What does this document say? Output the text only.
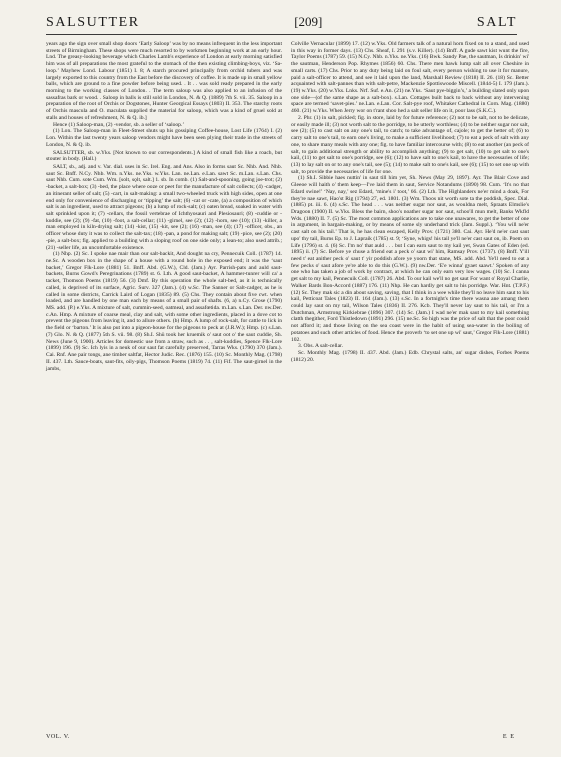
SALSUTTER	[209]	SALT

years ago the sign over small shop doors ‘Early Saloop’ was by no means infrequent in the less important streets of Birmingham. These shops were much resorted to by workmen beginning work at an early hour. Lnd. The greasy-looking beverage which Charles Lamb's experience of London at early morning satisfied him was of all preparations the most grateful to the stomach of the then existing climbing-boys, viz. ‘Sa-loop.’ Mayhew Lond. Labour (1851) I. 8; A starch procured principally from orchid tubers and was largely exported to this country from the East before the discovery of coffee. It is made up in small yellow balls, which are ground to a fine powder before being used. . It . . was sold ready prepared in the early morning to the working classes of London. . The term saloup was also applied to an infusion of the sassafras bark or wood. . Saloop in balls is still sold in London, N. & Q. (1889) 7th S. vii. 35. Saloop in a preparation of the root of Orchis or Dogstones, Hunter Georgical Essays (1803) II. 353. The starchy roots of Orchis mascula and O. maculata supplied the material for saloop, which was a kind of gruel sold at stalls and houses of refreshment, N. & Q. ib.]

Hence (1) Saloop-man, (2) -vendor, sb. a seller of ‘saloop.’

(1) Lon. The Saloop-man in Fleet-Street shuts up his gossiping Coffee-house, Lost Life (1764) I. (2) Lon. Within the last twenty years saloop vendors might have been seen plying their trade in the streets of London, N. & Q. ib.

SALSUTTER, sb. w.Yks. [Not known to our correspondents.] A kind of small fish like a roach, but stouter in body. (Hall.)

SALT, sb., adj. and v. Var. dial. uses in Sc. Irel. Eng. and Ans. Also in forms saut Sc. Nhb. And. Nhb. saut Sc. Bnff. N.Cy. Nhb. Wm. n.Yks. ne.Yks. w.Yks. Lan. ne.Lan. e.Lan. sawt Sc. m.Lan. s.Lan. Chs. saut Nhb. Cum. sote Cum. Wm. [solt, sǫlt, salt.] 1. sb. In comb. (1) Salt-and-spooning, going joe-trot; (2) -backet, a salt-box; (3) -bed, the place where ooze or peet for the manufacture of salt collects; (4) -cadger, an itinerant seller of salt; (5) -cart, in salt-making: a small two-wheeled truck with high sides, open at one end only for convenience of discharging or ‘tipping’ the salt; (6) -cat or -cate, (a) a composition of which salt is an ingredient, used to attract pigeons; (b) a lump of rock-salt; (c) oaten bread, soaked in water with salt sprinkled upon it; (7) -cellars, the fossil vertebrae of Ichthyosauri and Plesiosauri; (8) -cuddie or -kuddie, see (2); (9) -fat, (10) -foot, a salt-cellar; (11) -girnel, see (2); (12) -horn, see (10); (13) -killer, a man employed in kiln-drying salt; (14) -kist, (15) -kit, see (2); (16) -man, see (4); (17) -officer, obs., an officer whose duty it was to collect the salt-tax; (18) -pan, a pond for making salt; (19) -pice, see (2); (20) -pie, a salt-box; fig. applied to a building with a sloping roof on one side only; a lean-to; also used attrib.; (21) -seller life, an uncomfortable existence.

(1) Nhp. (2) Sc. I spoke nae mair than our salt-backit, And dought na cry, Pennecuik Coll. (1787) 14. ne.Sc. A wooden box in the shape of a house with a round hole in the exposed end; it was the ‘saut backet,’ Gregor Flk-Lore (1881) 51. Bnff. Abd. (G.W.), Cld. (Jam.) Ayr. Parrish-pats and auld saut-backets, Burns Gowd's Peregrinations (1789) st. 6. Lth. A good saut-backet, A hammer-tunrer will ca' a tacket, Thomson Poems (1819) 56. (3) Dmf. By this operation the whole salt-bed, as it is technically called, is deprived of its surface, Agric. Surv. 327 (Jam.). (4) w.Sc. The Sanner or Salt-cadger, as he is called in some districts, Carrick Laird of Logan (1835) 89. (5) Chs. They contain about five cwt. when loaded, and are handled by one man each by means of a small pair of shafts. (6, a) n.Cy. Grose (1790) MS. add. (P.) e.Yks. A mixture of salt, cummin-seed, oatmeal, and assafœtida. m.Lan. s.Lan. Der. nw.Der. c.An. Hmp. A mixture of coarse meal, clay and salt, with some other ingredients, placed in a dove cot to prevent the pigeons from leaving it, and to allure others. (b) Hmp. A lump of rock-salt, for cattle to lick in the field or ‘barton.’ It is also put into a pigeon-house for the pigeons to peck at (J.R.W.); Hmp. (c) s.Lan. (7) Glo. N. & Q. (1877) 5th S. vii. 98. (8) Sh.I. Shü took her kruemik o' saut oot o' the saut cuddie, Sh. News (June 9, 1900). Articles for domestic use from a straw, such as . . , salt-kuddies, Spence Flk-Lore (1899) 196. (9) Sc. Ich lyis in a neuk of our saut fat carefully preserved, Tarras Wks. (1790) 370 (Jam.). Cai. Rnf. Ane pair tongs, ane timber saltfat, Hector Judic. Rec. (1876) 155. (10) Sc. Monthly Mag. (1798) II. 437. Lth. Sauce-boats, saut-fits, oily-pigs, Thomson Poems (1819) 74. (11) Fif. The saut-girnel in the jambs,

Colville Vernacular (1899) 17. (12) w.Yks. Old farmers talk of a natural horn fixed on to a stand, and used in this way in former days. (13) Chs. Sheaf, I. 291 (s.v. Killer). (14) Bnff. A gude sawt kist wunt the fire, Taylor Poems (1787) 59. (15) N.Cy. Nhb. n.Yks. ne.Yks. (16) Bwk. Sandy Pae, the sautman, Is drinkin' wi' the sautman, Henderson Pop. Rhymes (1856) 60. Chs. There men hawk lump salt all over Cheshire in small carts. (17) Chs. Prior to any duty being laid on foul salt, every person wishing to use it for manure, paid a salt-officer to attend, and see it laid upon the land, Marshall Review (1818) II. 26. (18) Sc. Better acquainted with salt-pannes than with salt-petre, Mackenzie Spottiswoode Miscell. (1844-5) I. 179 (Jam.). (19) w.Yks. (20) w.Yks. Lnks. Nrf. Suf. e.An. (21) ne.Yks. ‘Saut pye-biggin’s,’ a building slated only upon one side—(of the same shape as a salt-box). s.Lan. Cottages built back to back without any intervening space are termed ‘savet-pies.’ ne.Lan. e.Lan. Cor. Salt-pye roof, Whitaker Cathedral in Corn. Mag. (1880) 460. (21) w.Yks. When Jerry wor on t'rant shoo hed a salt seller life on it, poor lass (S.K.C.).

2. Phr. (1) in salt, pickled; fig. in store, laid by for future reference; (2) not to be salt, not to be delicate, or easily made ill; (3) not worth salt to the porridge, to be utterly worthless; (4) to be neither sugar nor salt, see (2); (5) to cast salt on any one's tail, to catch; to take advantage of, cajole; to get the better of; (6) to carry salt to one's tail, to earn one's living, to make a sufficient livelihood; (7) to eat a peck of salt with any one, to share many meals with any one; fig. to have familiar intercourse with; (8) to eat another (an peck of salt, to gain additional strength or ability to accomplish anything; (9) to get salt, (10) to get salt to one's kail, (11) to get salt to one's porridge, see (6); (12) to have salt to one's kail, to have the necessaries of life; (13) to lay salt on or to any one's tail, see (5); (14) to make salt to one's kail, see (6); (15) to set one up with salt, to provide the necessaries of life for one.

(1) Sh.I. Sibbie haes nuttin' in saut till him yet, Sh. News (May 29, 1897). Ayr. The Blair Cove and Gleeoe will haith o' them keep—I've laid them in saut, Service Notandums (1890) 98. Cum. ‘It's no that Edard swine!’ ‘Nay, nay,’ sez Edard, ‘mine's i' toot,’ 66. (2) Lth. The Highlanders ne'er mind a doak, For they're nae sawt, Hao'st Rig (1794) 27, ed. 1801. (3) Wm. Thoos nit worth sote ta the poddish, Spec. Dial. (1885) pt. iii. 6. (4) s.Sc. The head . . . was neither sugar nor saut, as wouldna melt, Spraats Elmslie's Dragoon (1900) II. w.Yks. Bless the bairn, shoo's noather sugar nor saut, schoo'll mun melt, Banks Wkfld Wds. (1880) II. 7. (5) Sc. The most common applications are to take one unawares, to get the better of one in argument, in bargain-making, or by means of some sly underhand trick (Jam. Suppl.). ‘You will ne'er cast salt on his tail.’ That is, he has clean escaped, Kelly Prov. (1721) 380. Cai. Ayr. He'd ne'er cast saut upo' thy tail, Burns Ep. to J. Lapraik (1785) st. 9; ‘Syne, whigs! his tail ye'll ne'er cast saut on, ib. Poem on Life (1796) st. 4. (6) Sc. I'm no' that auld . . . but I can earn saut to my kail yet, Swan Gates of Eden (ed. 1895) ii. (7) Sc. Before ye chuse a friend eat a peck o' saut wi' him, Ramsay Prov. (1737). (8) Bnff. Y'ill need t' eat anither peck o' saut t' yir poddish afore ye yoorn that stane, MS. add. Abd. Ye'll need to eat a few pecks o' saut afore ye're able to do this (G.W.). (9) nw.Der. ‘E'e winna' gyaet saawt.’ Spoken of any one who has taken a job of work by contract, at which he can only earn very low wages. (10) Sc. I canna get salt to my kail, Pennecuik Coll. (1787) 26. Abd. To our kail we'll no get saut For want o' Royal Charlie, Walker Bards Bon-Accord (1887) 176. (11) Nhp. He can hardly get salt to his porridge. War. Hnt. (T.P.F.) (12) Sc. They mak sic a din about saving, saving, that I think in a wee while they'll no leave him saut to his kail, Petticoat Tales (1823) II. 164 (Jam.). (13) s.Sc. In a fortnight's time there wasna ane amang them could lay saut on my tail, Wilson Tales (1836) II. 276. Kcb. They'll never lay saut to his tail, or I'm a Dutchman, Armstrong Kirkiebrae (1896) 307. (14) Sc. (Jam.) I wad ne'er mak saut to my kail something clatth thegither, Ford Thistledown (1891) 296. (15) ne.Sc. So high was the price of salt that the poor could not afford it; and those living on the sea coast were in the habit of using sea-water in the boiling of potatoes and such other articles of food. Hence the proverb ‘to set one up wi' saut,’ Gregor Flk-Lore (1881) 102.

3. Obs. A salt-cellar.

Sc. Monthly Mag. (1798) II. 437. Abd. (Jam.) Edb. Chrystal salts, an' sugar dishes, Forbes Poems (1812) 20.

VOL. V.	E E
